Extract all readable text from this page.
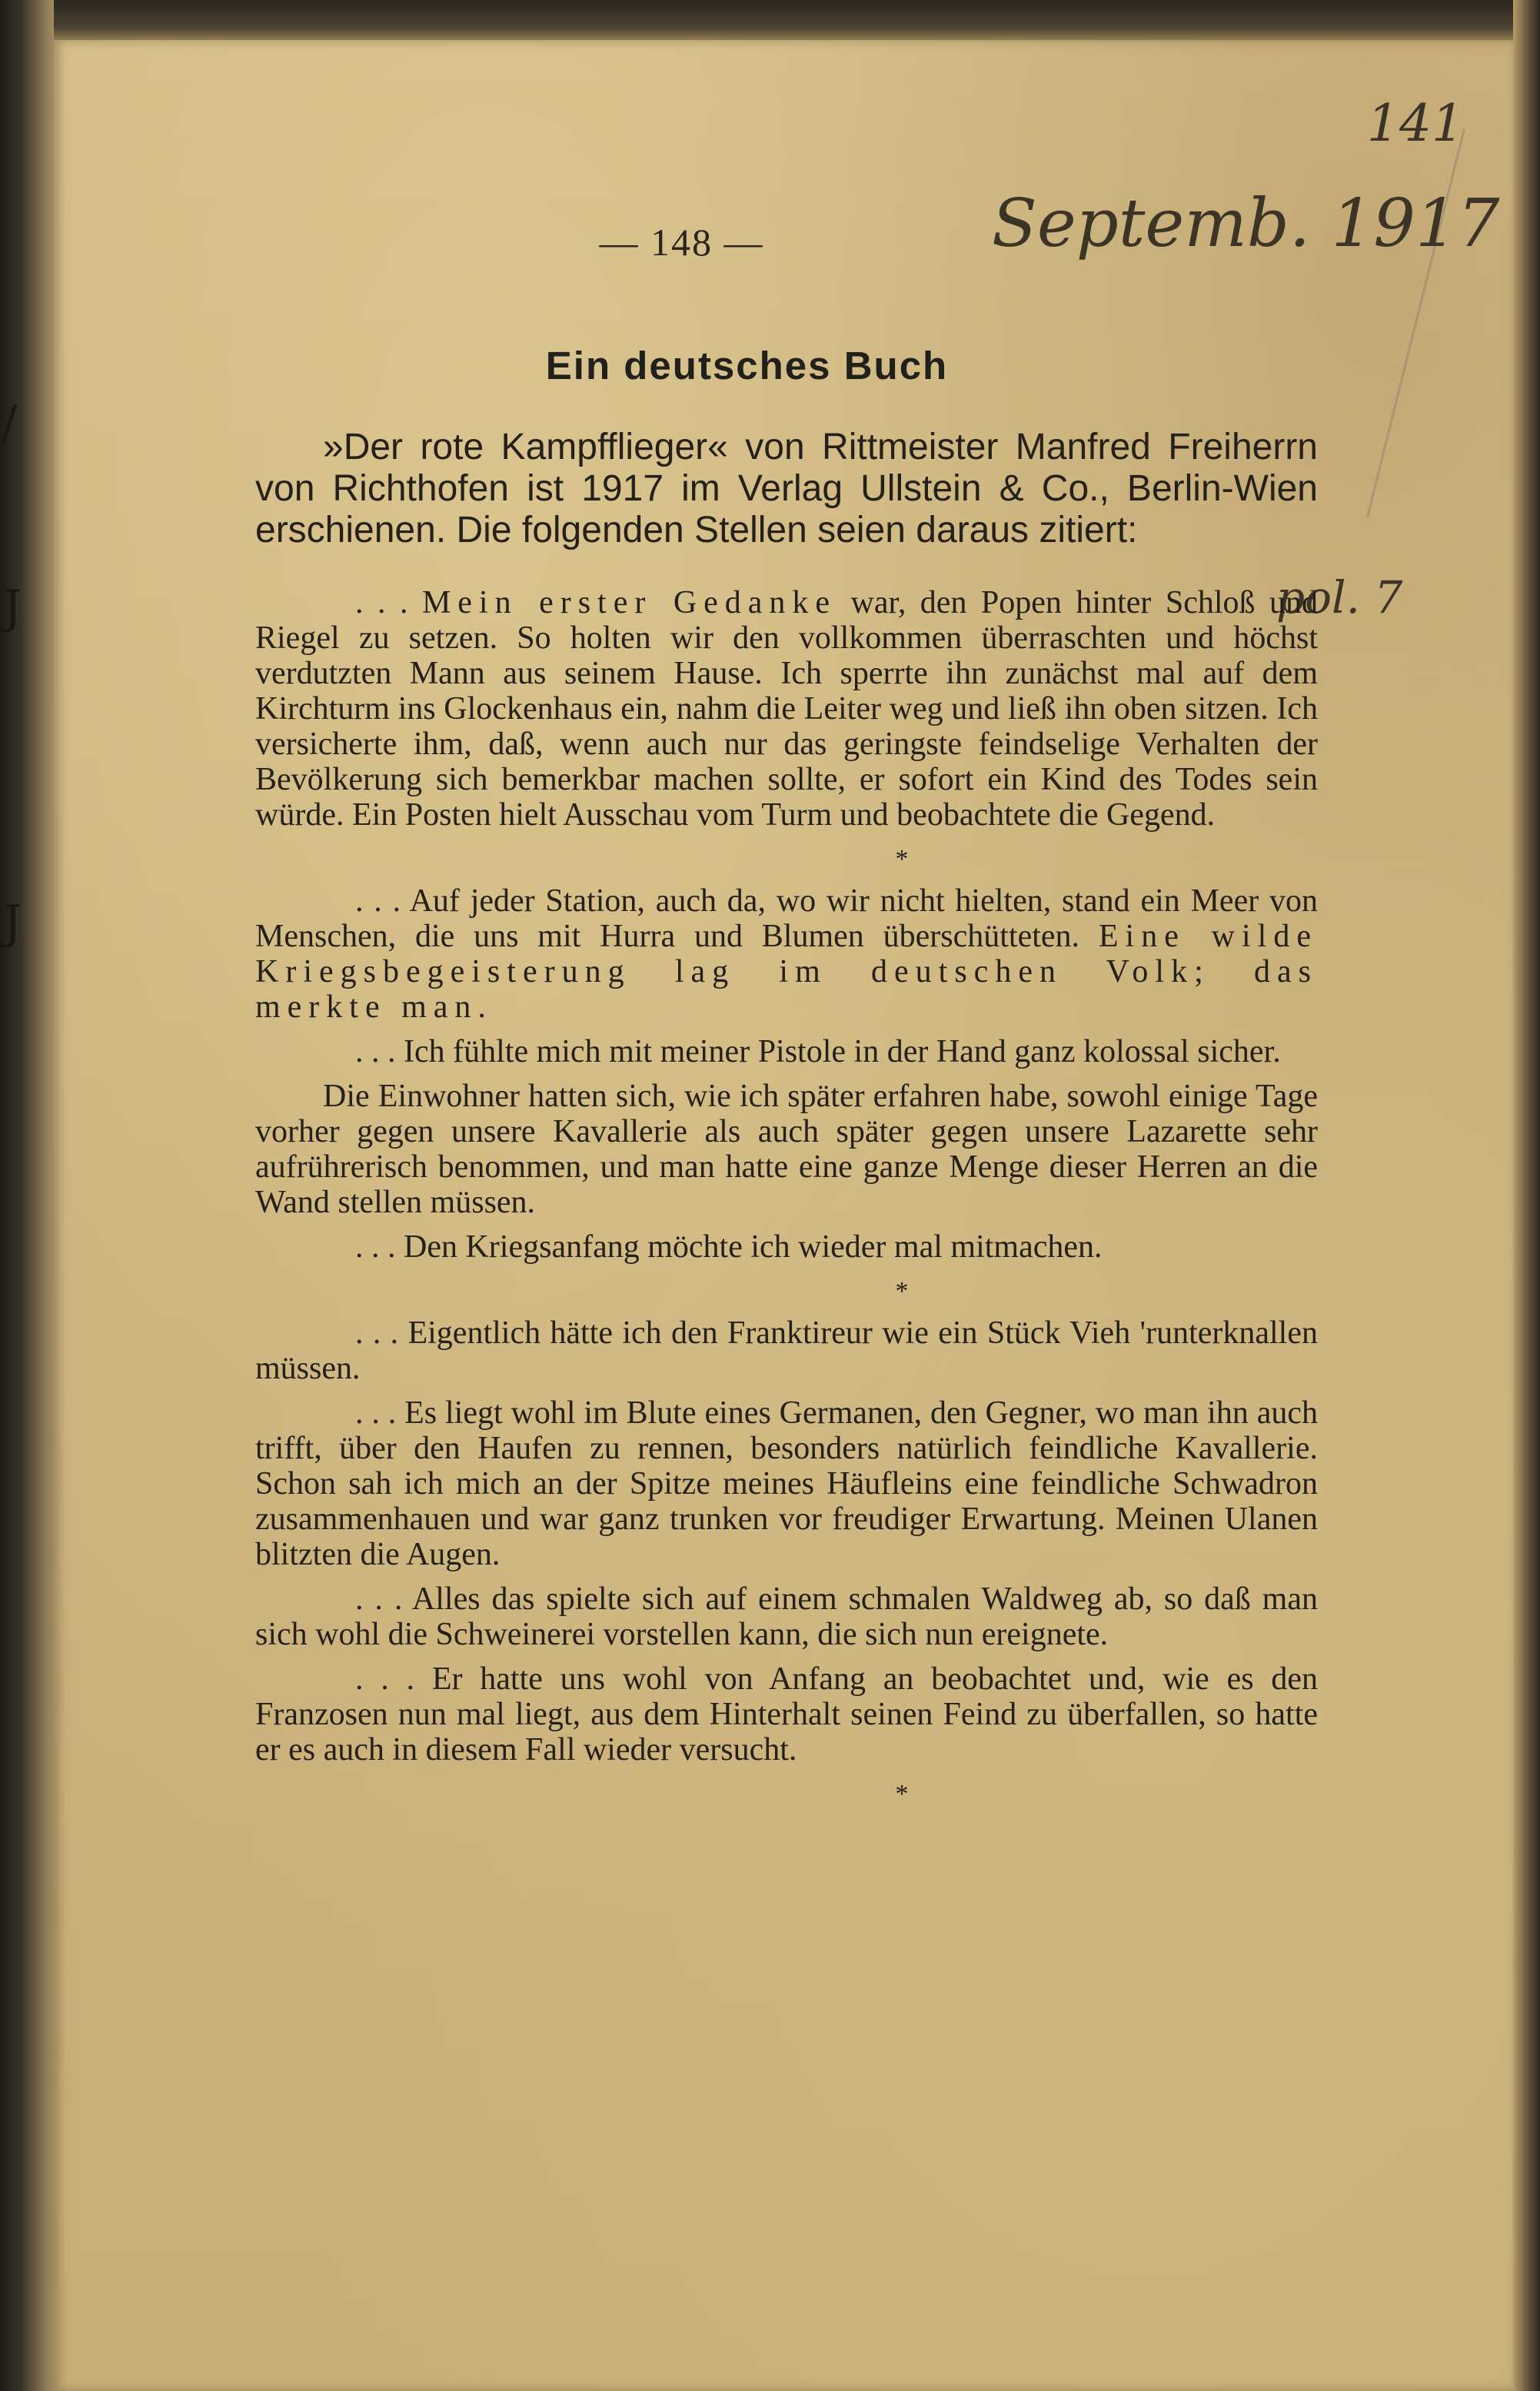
/
J
J
141
Septemb. 1917
pol. 7
— 148 —
Ein deutsches Buch

»Der rote Kampfflieger« von Rittmeister Manfred Freiherrn von Richthofen ist 1917 im Verlag Ullstein & Co., Berlin-Wien erschienen. Die folgenden Stellen seien daraus zitiert:

. . . Mein erster Gedanke war, den Popen hinter Schloß und Riegel zu setzen. So holten wir den vollkommen überraschten und höchst verdutzten Mann aus seinem Hause. Ich sperrte ihn zunächst mal auf dem Kirchturm ins Glockenhaus ein, nahm die Leiter weg und ließ ihn oben sitzen. Ich versicherte ihm, daß, wenn auch nur das geringste feindselige Verhalten der Bevölkerung sich bemerkbar machen sollte, er sofort ein Kind des Todes sein würde. Ein Posten hielt Ausschau vom Turm und beobachtete die Gegend.

*

. . . Auf jeder Station, auch da, wo wir nicht hielten, stand ein Meer von Menschen, die uns mit Hurra und Blumen überschütteten. Eine wilde Kriegsbegeisterung lag im deutschen Volk; das merkte man.

. . . Ich fühlte mich mit meiner Pistole in der Hand ganz kolossal sicher.

Die Einwohner hatten sich, wie ich später erfahren habe, sowohl einige Tage vorher gegen unsere Kavallerie als auch später gegen unsere Lazarette sehr aufrührerisch benommen, und man hatte eine ganze Menge dieser Herren an die Wand stellen müssen.

. . . Den Kriegsanfang möchte ich wieder mal mitmachen.

*

. . . Eigentlich hätte ich den Franktireur wie ein Stück Vieh 'runterknallen müssen.

. . . Es liegt wohl im Blute eines Germanen, den Gegner, wo man ihn auch trifft, über den Haufen zu rennen, besonders natürlich feindliche Kavallerie. Schon sah ich mich an der Spitze meines Häufleins eine feindliche Schwadron zusammenhauen und war ganz trunken vor freudiger Erwartung. Meinen Ulanen blitzten die Augen.

. . . Alles das spielte sich auf einem schmalen Waldweg ab, so daß man sich wohl die Schweinerei vorstellen kann, die sich nun ereignete.

. . . Er hatte uns wohl von Anfang an beobachtet und, wie es den Franzosen nun mal liegt, aus dem Hinterhalt seinen Feind zu überfallen, so hatte er es auch in diesem Fall wieder versucht.

*
